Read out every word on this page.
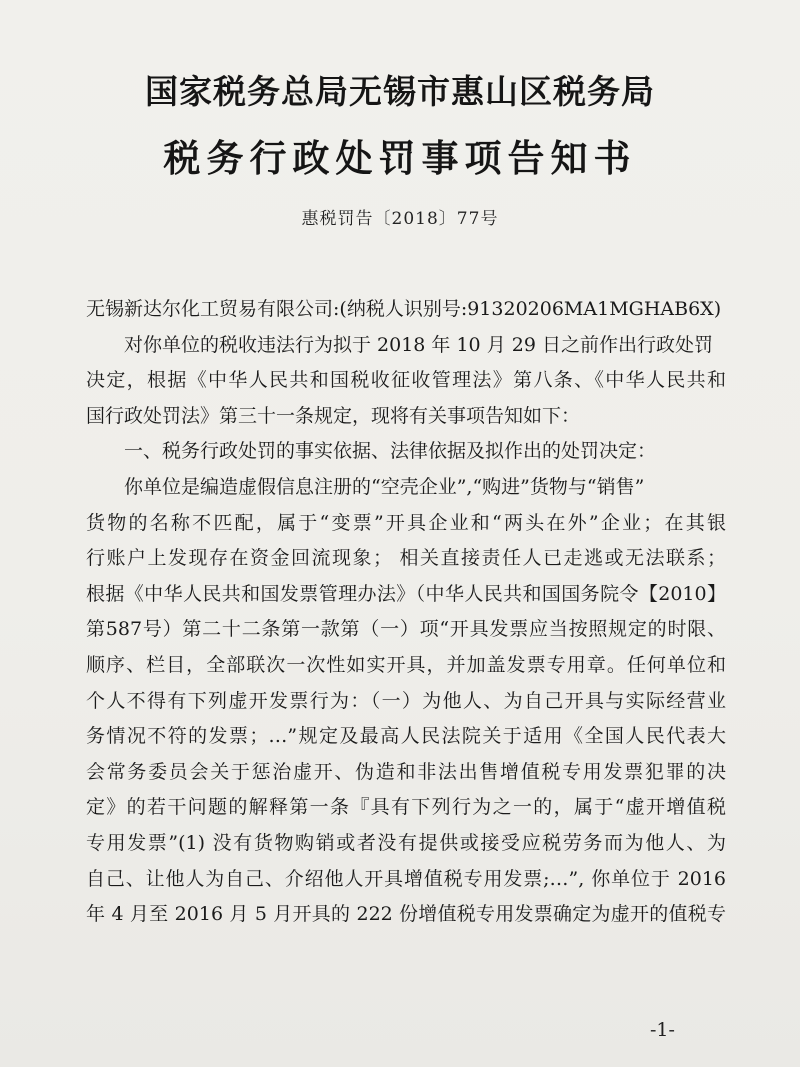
国家税务总局无锡市惠山区税务局
税务行政处罚事项告知书
惠税罚告〔2018〕77号
无锡新达尔化工贸易有限公司:(纳税人识别号:91320206MA1MGHAB6X)
对你单位的税收违法行为拟于 2018 年 10 月 29 日之前作出行政处罚
决定，根据《中华人民共和国税收征收管理法》第八条、《中华人民共和
国行政处罚法》第三十一条规定，现将有关事项告知如下：
一、税务行政处罚的事实依据、法律依据及拟作出的处罚决定：
你单位是编造虚假信息注册的“空壳企业”,“购进”货物与“销售”
货物的名称不匹配，属于“变票”开具企业和“两头在外”企业；在其银
行账户上发现存在资金回流现象； 相关直接责任人已走逃或无法联系；
根据《中华人民共和国发票管理办法》（中华人民共和国国务院令【2010】
第587号）第二十二条第一款第（一）项“开具发票应当按照规定的时限、
顺序、栏目，全部联次一次性如实开具，并加盖发票专用章。任何单位和
个人不得有下列虚开发票行为：（一）为他人、为自己开具与实际经营业
务情况不符的发票；…”规定及最高人民法院关于适用《全国人民代表大
会常务委员会关于惩治虚开、伪造和非法出售增值税专用发票犯罪的决
定》的若干问题的解释第一条『具有下列行为之一的，属于“虚开增值税
专用发票”(1) 没有货物购销或者没有提供或接受应税劳务而为他人、为
自己、让他人为自己、介绍他人开具增值税专用发票;…”, 你单位于 2016
年 4 月至 2016 月 5 月开具的 222 份增值税专用发票确定为虚开的值税专
-1-
